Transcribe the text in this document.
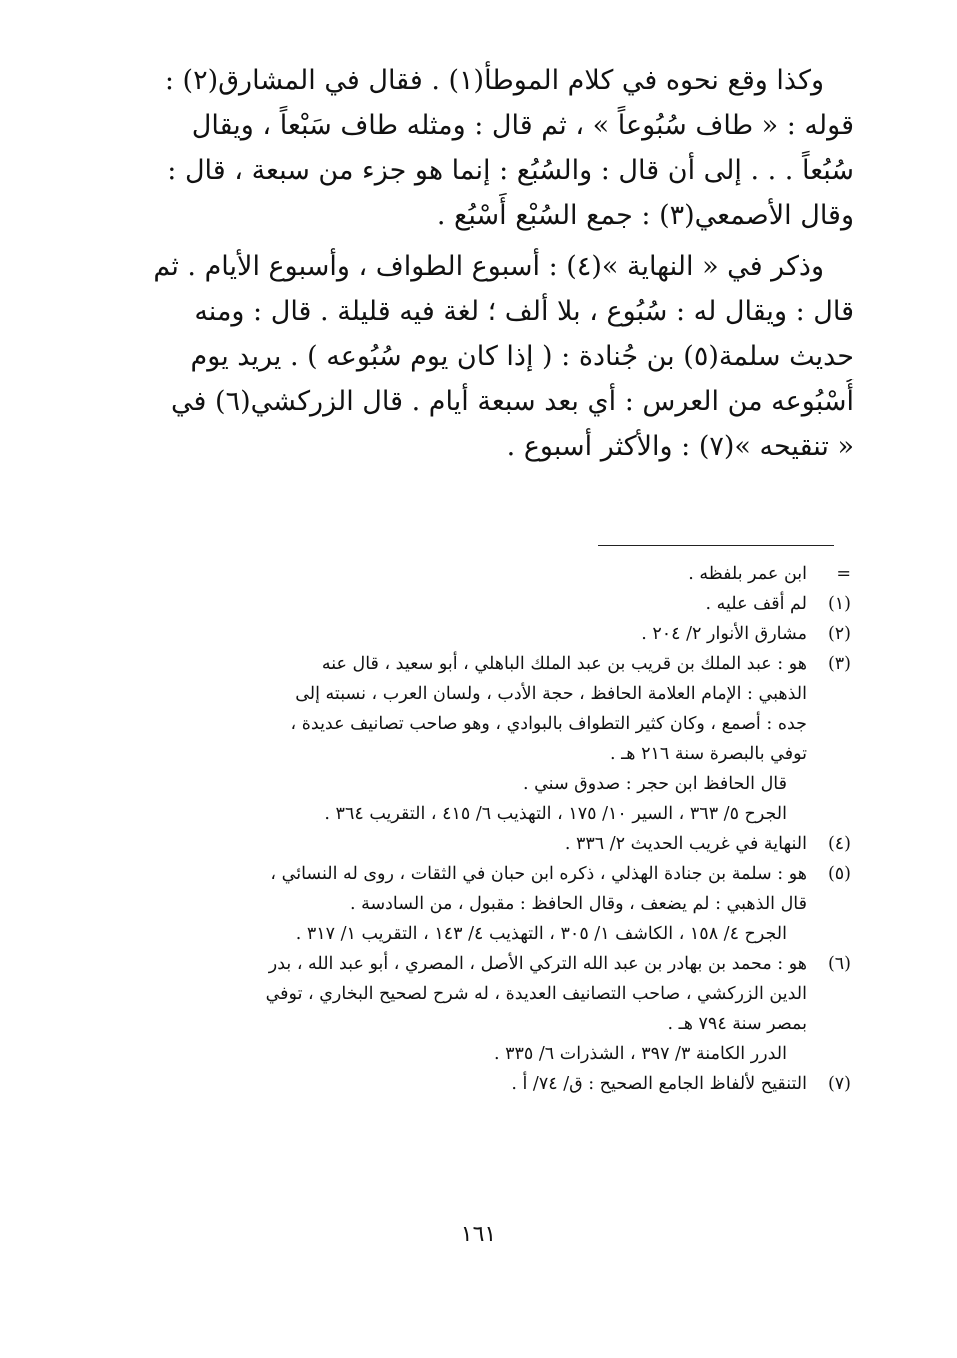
وكذا وقع نحوه في كلام الموطأ(١) . فقال في المشارق(٢) :
قوله : « طاف سُبُوعاً » ، ثم قال : ومثله طاف سَبْعاً ، ويقال
سُبُعاً . . . إلى أن قال : والسُبُع : إنما هو جزء من سبعة ، قال :
وقال الأصمعي(٣) : جمع السُبْع أَسْبُع .
وذكر في « النهاية »(٤) : أسبوع الطواف ، وأسبوع الأيام . ثم
قال : ويقال له : سُبُوع ، بلا ألف ؛ لغة فيه قليلة . قال : ومنه
حديث سلمة(٥) بن جُنادة : ( إذا كان يوم سُبُوعه ) . يريد يوم
أُسْبُوعه من العرس : أي بعد سبعة أيام . قال الزركشي(٦) في
« تنقيحه »(٧) : والأكثر أسبوع .
=
ابن عمر بلفظه .
(١)
لم أقف عليه .
(٢)
مشارق الأنوار ٢/ ٢٠٤ .
(٣)
هو : عبد الملك بن قريب بن عبد الملك الباهلي ، أبو سعيد ، قال عنه
الذهبي : الإمام العلامة الحافظ ، حجة الأدب ، ولسان العرب ، نسبته إلى
جده : أصمع ، وكان كثير التطواف بالبوادي ، وهو صاحب تصانيف عديدة ،
توفي بالبصرة سنة ٢١٦ هـ .
قال الحافظ ابن حجر : صدوق سني .
الجرح ٥/ ٣٦٣ ، السير ١٠/ ١٧٥ ، التهذيب ٦/ ٤١٥ ، التقريب ٣٦٤ .
(٤)
النهاية في غريب الحديث ٢/ ٣٣٦ .
(٥)
هو : سلمة بن جنادة الهذلي ، ذكره ابن حبان في الثقات ، روى له النسائي ،
قال الذهبي : لم يضعف ، وقال الحافظ : مقبول ، من السادسة .
الجرح ٤/ ١٥٨ ، الكاشف ١/ ٣٠٥ ، التهذيب ٤/ ١٤٣ ، التقريب ١/ ٣١٧ .
(٦)
هو : محمد بن بهادر بن عبد الله التركي الأصل ، المصري ، أبو عبد الله ، بدر
الدين الزركشي ، صاحب التصانيف العديدة ، له شرح لصحيح البخاري ، توفي
بمصر سنة ٧٩٤ هـ .
الدرر الكامنة ٣/ ٣٩٧ ، الشذرات ٦/ ٣٣٥ .
(٧)
التنقيح لألفاظ الجامع الصحيح : ق/ ٧٤/ أ .
١٦١
